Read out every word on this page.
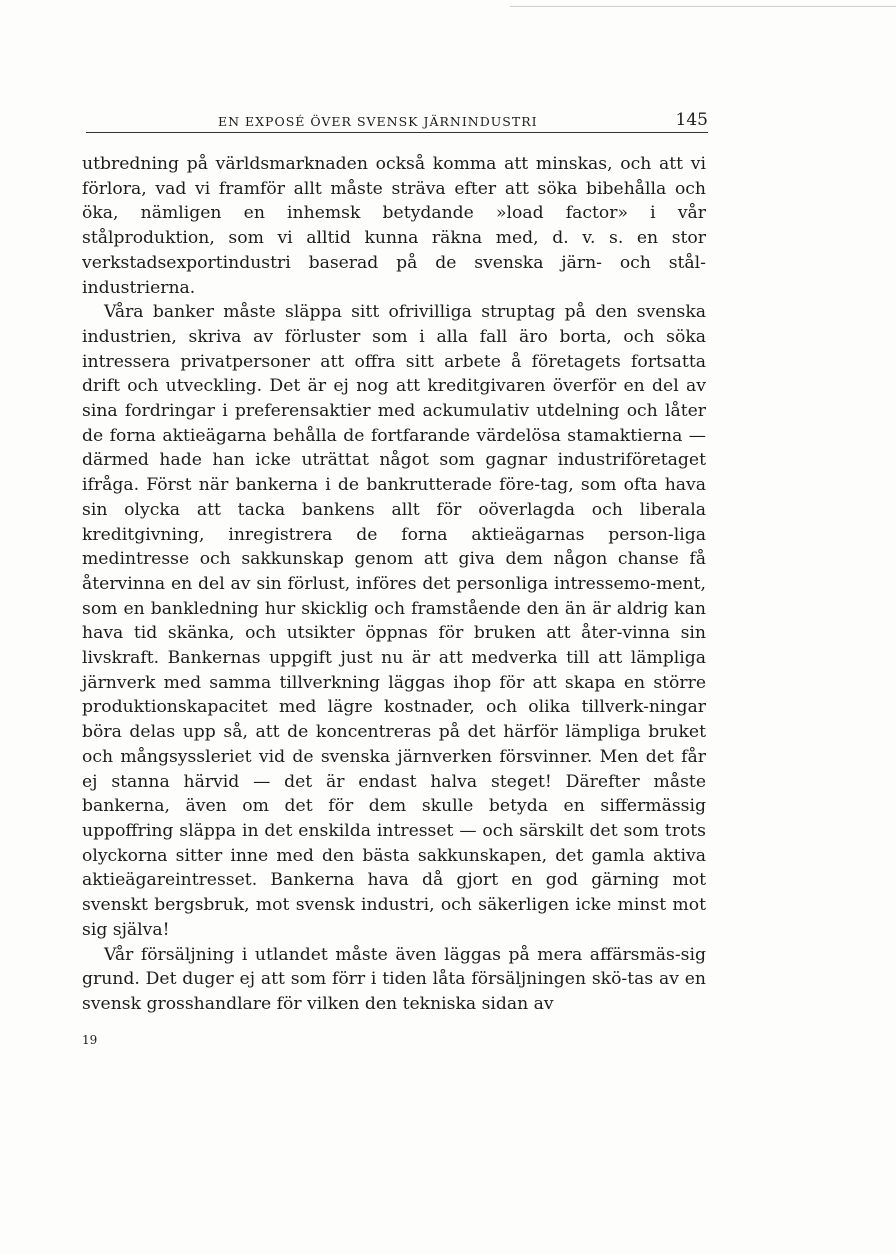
EN EXPOSÉ ÖVER SVENSK JÄRNINDUSTRI	145

utbredning på världsmarknaden också komma att minskas, och att vi förlora, vad vi framför allt måste sträva efter att söka bibehålla och öka, nämligen en inhemsk betydande »load factor» i vår stålproduktion, som vi alltid kunna räkna med, d. v. s. en stor verkstadsexportindustri baserad på de svenska järn- och stål-industrierna.

Våra banker måste släppa sitt ofrivilliga struptag på den svenska industrien, skriva av förluster som i alla fall äro borta, och söka intressera privatpersoner att offra sitt arbete å företagets fortsatta drift och utveckling. Det är ej nog att kreditgivaren överför en del av sina fordringar i preferensaktier med ackumulativ utdelning och låter de forna aktieägarna behålla de fortfarande värdelösa stamaktierna — därmed hade han icke uträttat något som gagnar industriföretaget ifråga. Först när bankerna i de bankrutterade före-tag, som ofta hava sin olycka att tacka bankens allt för oöverlagda och liberala kreditgivning, inregistrera de forna aktieägarnas person-liga medintresse och sakkunskap genom att giva dem någon chanse få återvinna en del av sin förlust, införes det personliga intressemo-ment, som en bankledning hur skicklig och framstående den än är aldrig kan hava tid skänka, och utsikter öppnas för bruken att åter-vinna sin livskraft. Bankernas uppgift just nu är att medverka till att lämpliga järnverk med samma tillverkning läggas ihop för att skapa en större produktionskapacitet med lägre kostnader, och olika tillverk-ningar böra delas upp så, att de koncentreras på det härför lämpliga bruket och mångsyssleriet vid de svenska järnverken försvinner. Men det får ej stanna härvid — det är endast halva steget! Därefter måste bankerna, även om det för dem skulle betyda en siffermässig uppoffring släppa in det enskilda intresset — och särskilt det som trots olyckorna sitter inne med den bästa sakkunskapen, det gamla aktiva aktieägareintresset. Bankerna hava då gjort en god gärning mot svenskt bergsbruk, mot svensk industri, och säkerligen icke minst mot sig själva!

Vår försäljning i utlandet måste även läggas på mera affärsmäs-sig grund. Det duger ej att som förr i tiden låta försäljningen skö-tas av en svensk grosshandlare för vilken den tekniska sidan av

19
